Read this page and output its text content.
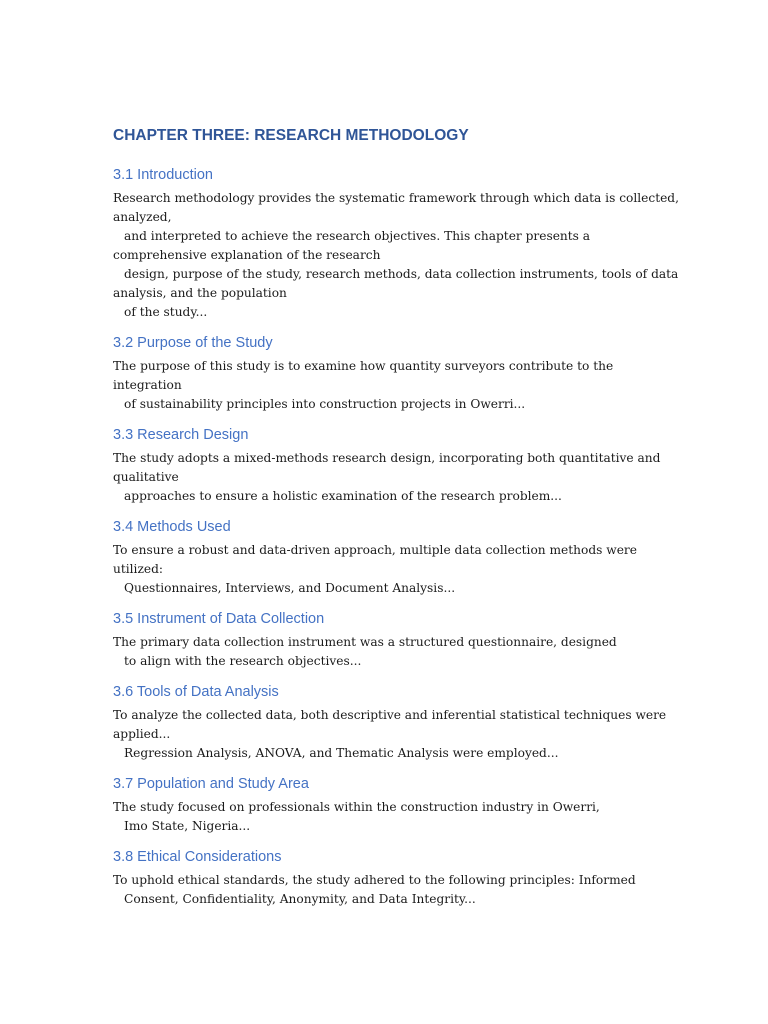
CHAPTER THREE: RESEARCH METHODOLOGY
3.1 Introduction

Research methodology provides the systematic framework through which data is collected,

analyzed,

and interpreted to achieve the research objectives. This chapter presents a

comprehensive explanation of the research

design, purpose of the study, research methods, data collection instruments, tools of data

analysis, and the population

of the study...

3.2 Purpose of the Study

The purpose of this study is to examine how quantity surveyors contribute to the

integration

of sustainability principles into construction projects in Owerri...

3.3 Research Design

The study adopts a mixed-methods research design, incorporating both quantitative and

qualitative

approaches to ensure a holistic examination of the research problem...

3.4 Methods Used

To ensure a robust and data-driven approach, multiple data collection methods were

utilized:

Questionnaires, Interviews, and Document Analysis...

3.5 Instrument of Data Collection

The primary data collection instrument was a structured questionnaire, designed

to align with the research objectives...

3.6 Tools of Data Analysis

To analyze the collected data, both descriptive and inferential statistical techniques were

applied...

Regression Analysis, ANOVA, and Thematic Analysis were employed...

3.7 Population and Study Area

The study focused on professionals within the construction industry in Owerri,

Imo State, Nigeria...

3.8 Ethical Considerations

To uphold ethical standards, the study adhered to the following principles: Informed

Consent, Confidentiality, Anonymity, and Data Integrity...
